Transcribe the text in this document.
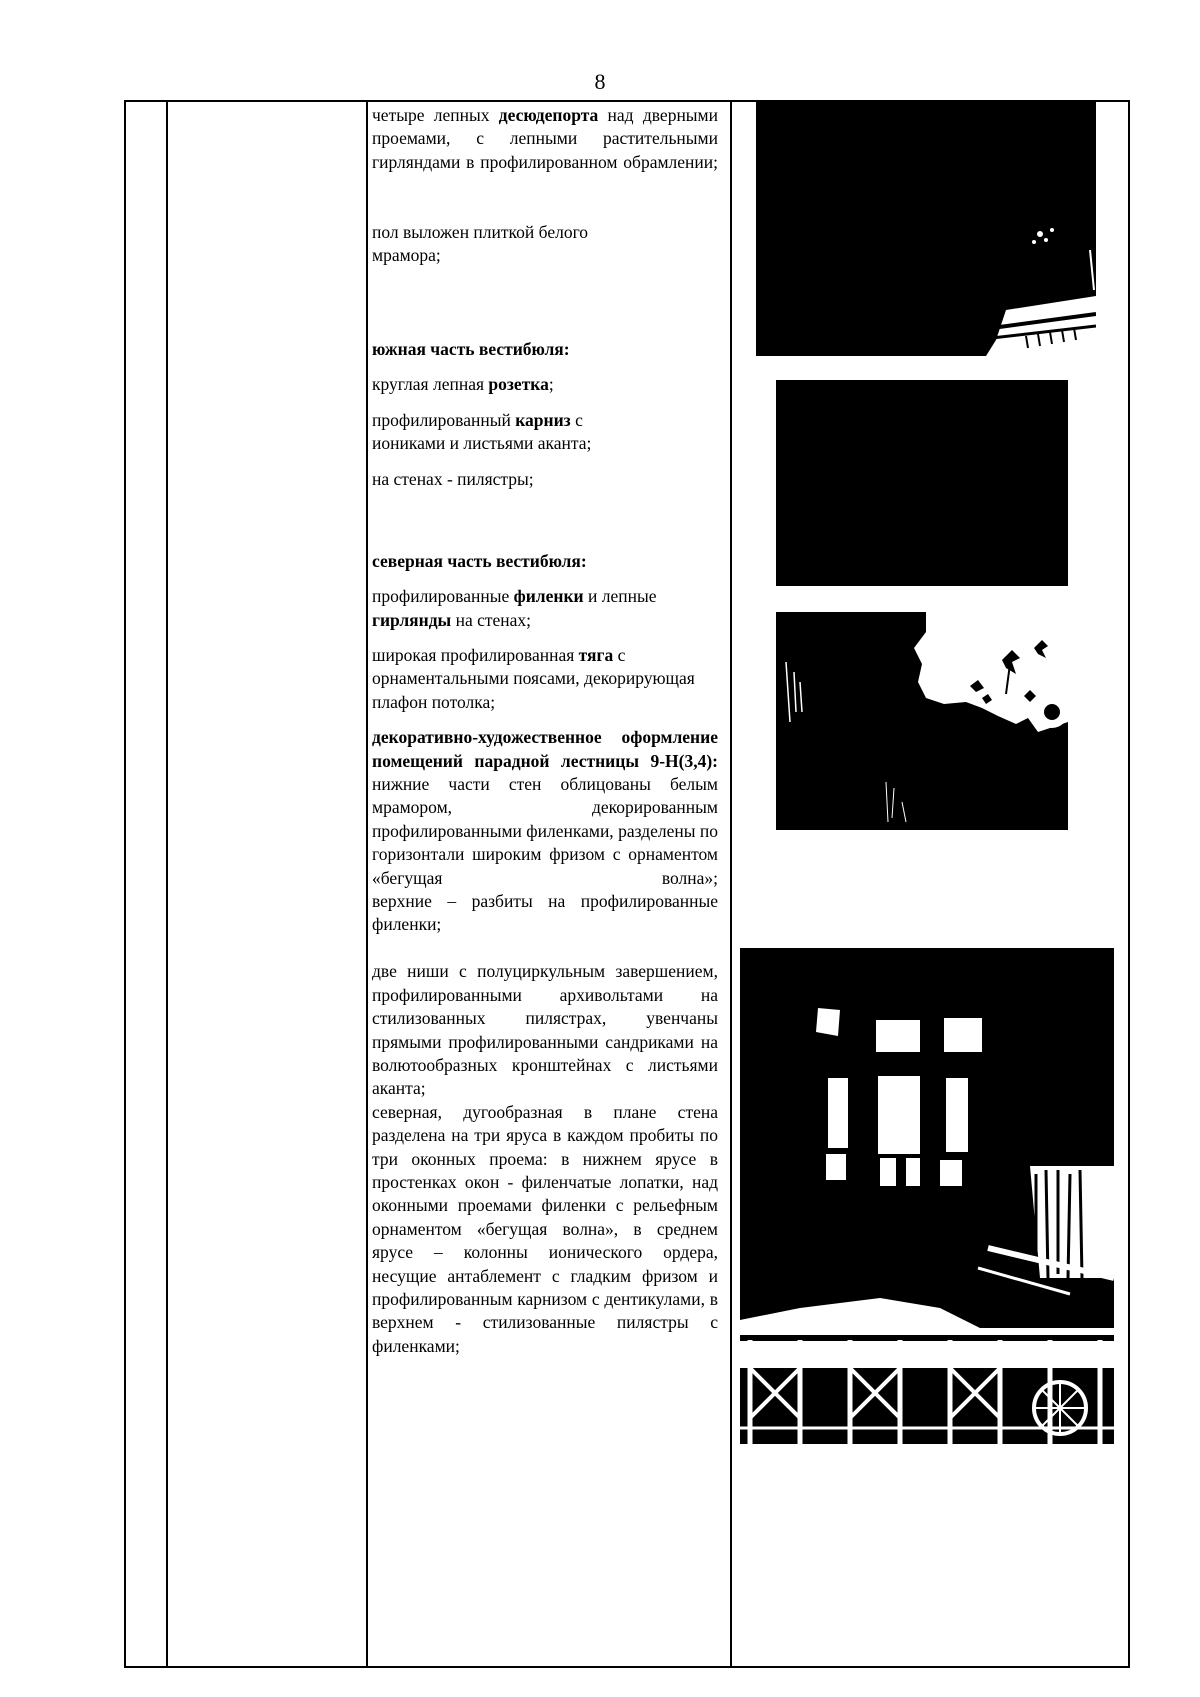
8

четыре лепных десюдепорта над дверными проемами, с лепными растительными гирляндами в профилированном обрамлении;

пол выложен плиткой белого мрамора;

южная часть вестибюля:

круглая лепная розетка;

профилированный карниз с иониками и листьями аканта;

на стенах - пилястры;

северная часть вестибюля:

профилированные филенки и лепные гирлянды на стенах;

широкая профилированная тяга с орнаментальными поясами, декорирующая плафон потолка;

декоративно-художественное оформление помещений парадной лестницы 9-Н(3,4):

нижние части стен облицованы белым мрамором, декорированным профилированными филенками, разделены по горизонтали широким фризом с орнаментом «бегущая волна»;

верхние – разбиты на профилированные филенки;

две ниши с полуциркульным завершением, профилированными архивольтами на стилизованных пилястрах, увенчаны прямыми профилированными сандриками на волютообразных кронштейнах с листьями аканта;

северная, дугообразная в плане стена разделена на три яруса в каждом пробиты по три оконных проема: в нижнем ярусе в простенках окон - филенчатые лопатки, над оконными проемами филенки с рельефным орнаментом «бегущая волна», в среднем ярусе – колонны ионического ордера, несущие антаблемент с гладким фризом и профилированным карнизом с дентикулами, в верхнем - стилизованные пилястры с филенками;
